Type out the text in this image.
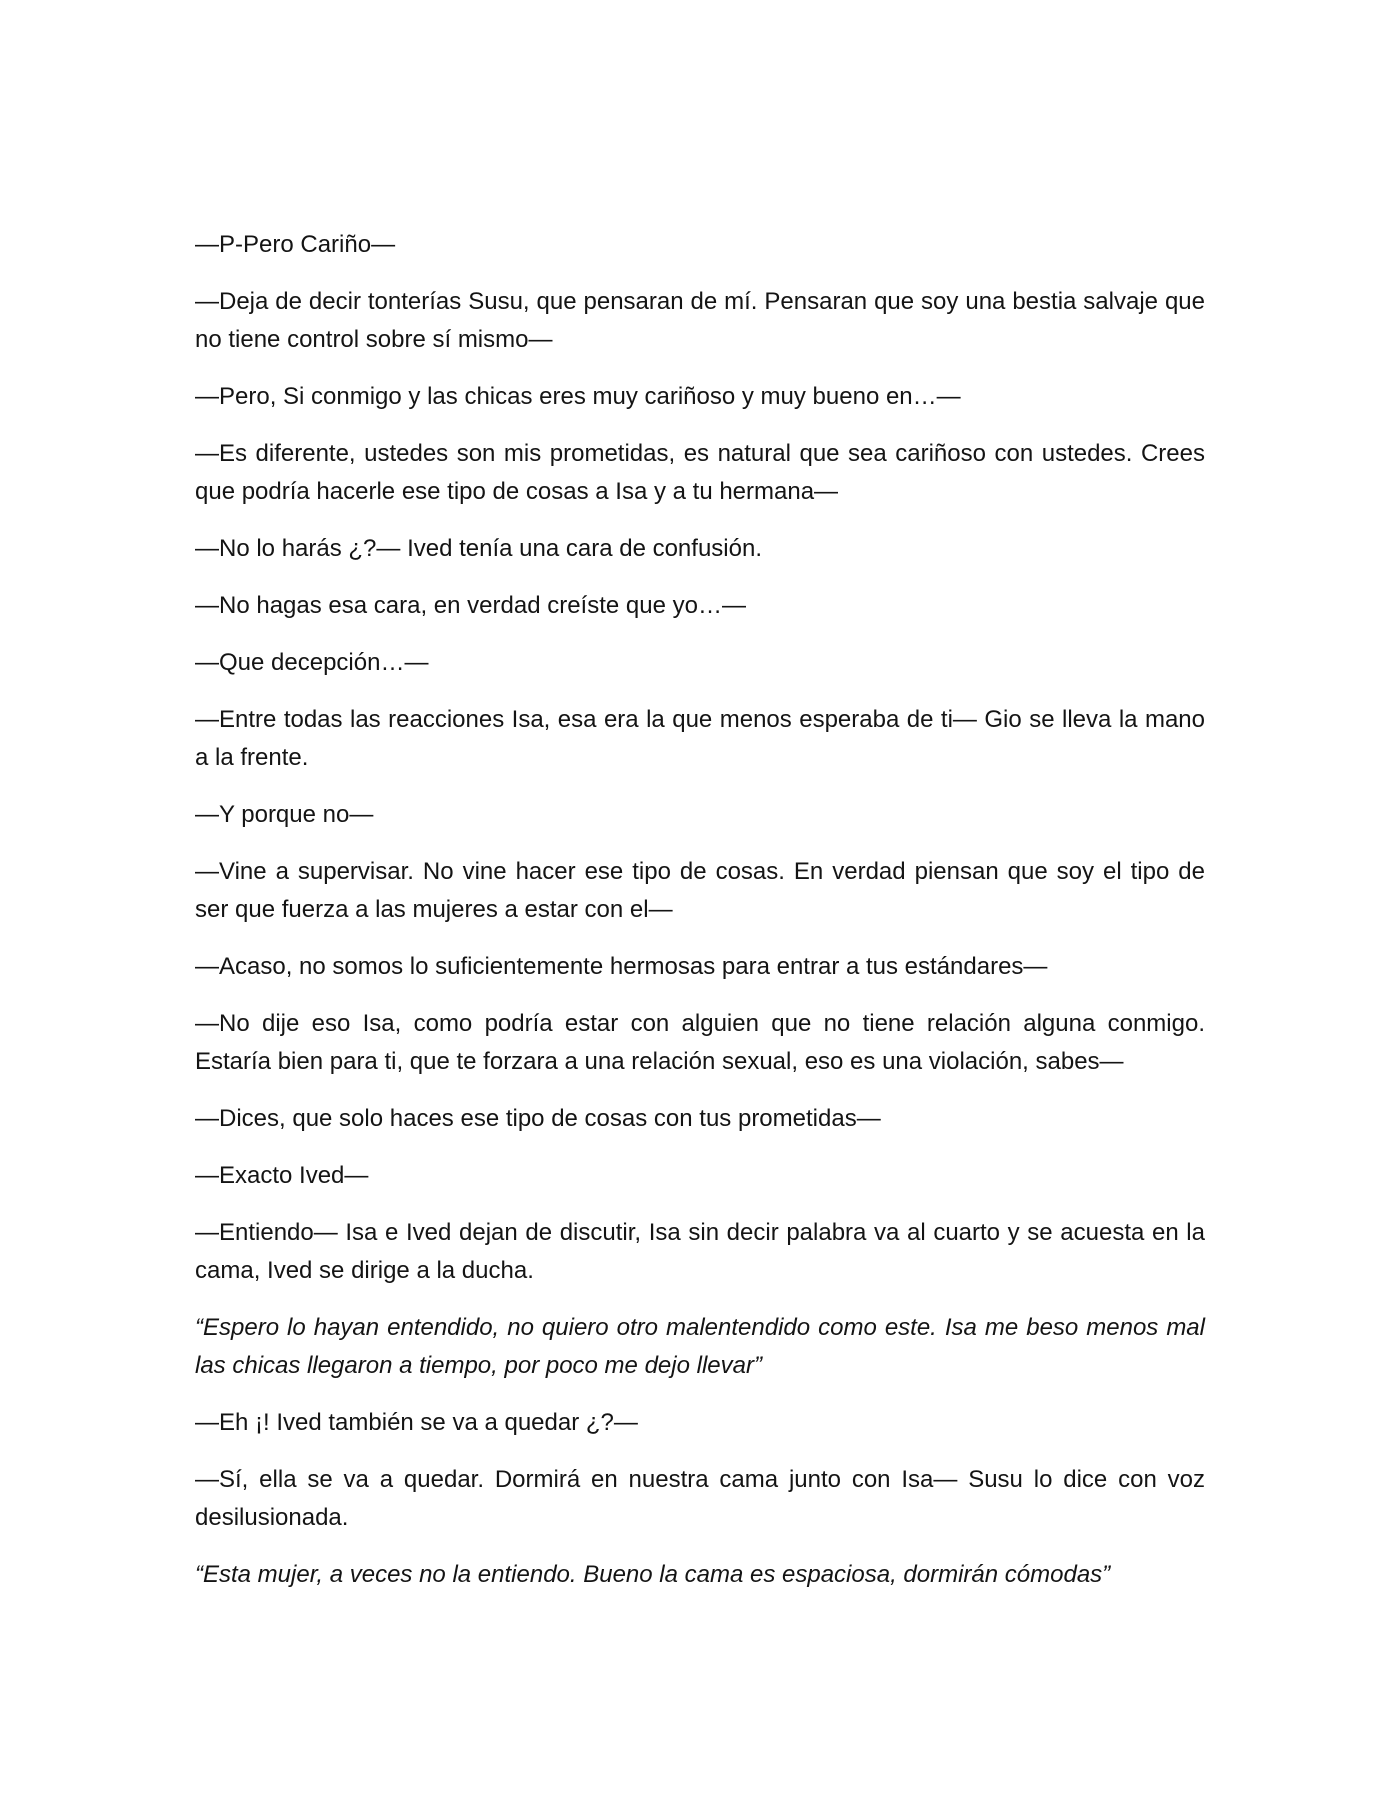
—P-Pero Cariño—

—Deja de decir tonterías Susu, que pensaran de mí. Pensaran que soy una bestia salvaje que no tiene control sobre sí mismo—

—Pero, Si conmigo y las chicas eres muy cariñoso y muy bueno en…—

—Es diferente, ustedes son mis prometidas, es natural que sea cariñoso con ustedes. Crees que podría hacerle ese tipo de cosas a Isa y a tu hermana—

—No lo harás ¿?— Ived tenía una cara de confusión.

—No hagas esa cara, en verdad creíste que yo…—

—Que decepción…—

—Entre todas las reacciones Isa, esa era la que menos esperaba de ti— Gio se lleva la mano a la frente.

—Y porque no—

—Vine a supervisar. No vine hacer ese tipo de cosas. En verdad piensan que soy el tipo de ser que fuerza a las mujeres a estar con el—

—Acaso, no somos lo suficientemente hermosas para entrar a tus estándares—

—No dije eso Isa, como podría estar con alguien que no tiene relación alguna conmigo. Estaría bien para ti, que te forzara a una relación sexual, eso es una violación, sabes—

—Dices, que solo haces ese tipo de cosas con tus prometidas—

—Exacto Ived—

—Entiendo— Isa e Ived dejan de discutir, Isa sin decir palabra va al cuarto y se acuesta en la cama, Ived se dirige a la ducha.

“Espero lo hayan entendido, no quiero otro malentendido como este. Isa me beso menos mal las chicas llegaron a tiempo, por poco me dejo llevar”

—Eh ¡! Ived también se va a quedar ¿?—

—Sí, ella se va a quedar. Dormirá en nuestra cama junto con Isa— Susu lo dice con voz desilusionada.

“Esta mujer, a veces no la entiendo. Bueno la cama es espaciosa, dormirán cómodas”
